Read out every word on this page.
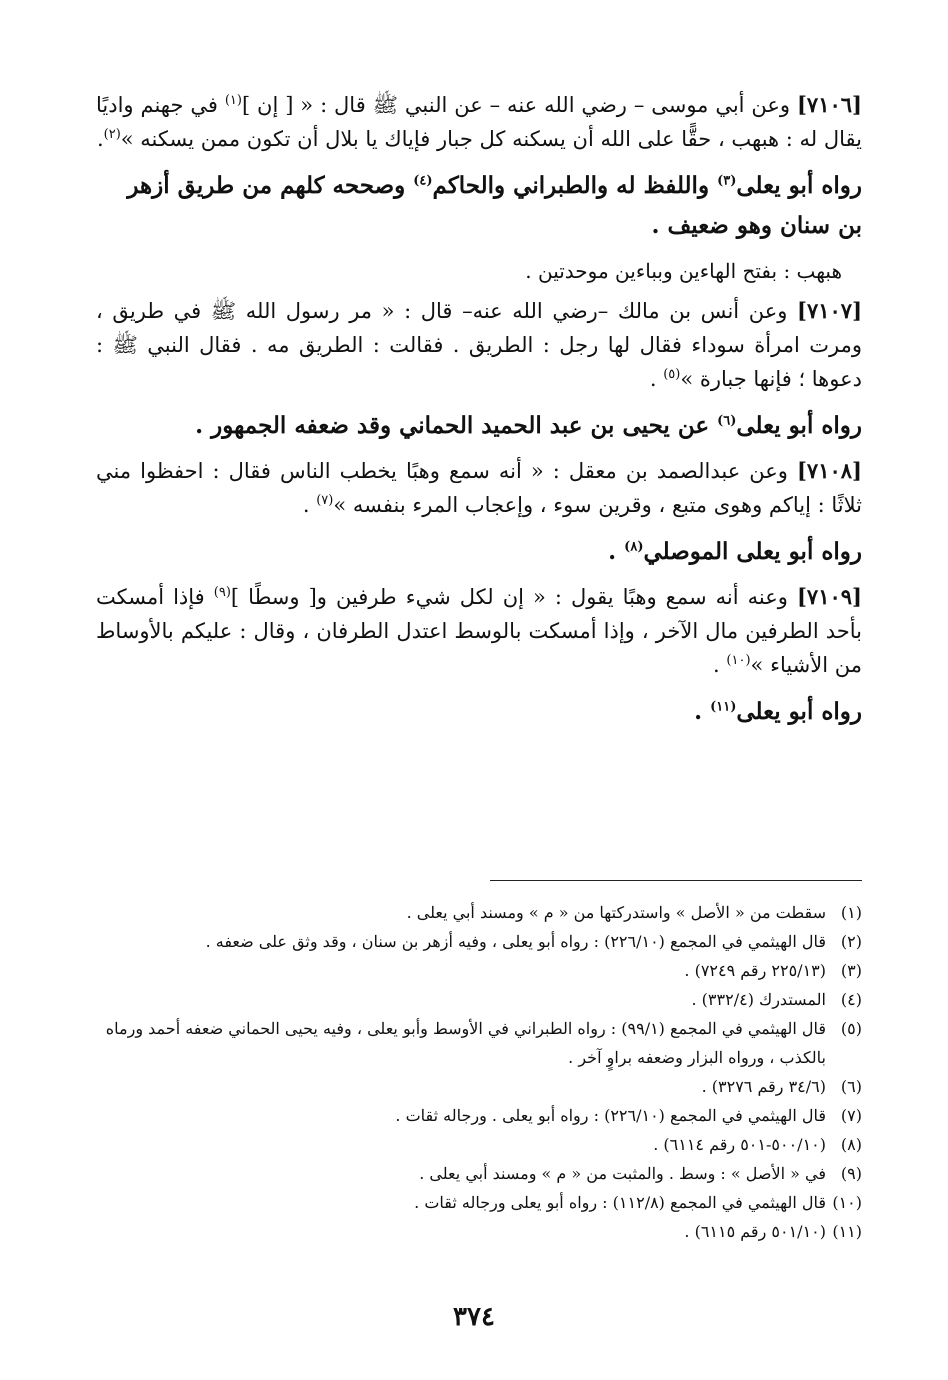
[٧١٠٦] وعن أبي موسى – رضي الله عنه – عن النبي ﷺ قال : « [ إن ]$^{(١)}$ في جهنم واديًا يقال له : هبهب ، حقًّا على الله أن يسكنه كل جبار فإياك يا بلال أن تكون ممن يسكنه »$^{(٢)}$.

رواه أبو يعلى$^{(٣)}$ واللفظ له والطبراني والحاكم$^{(٤)}$ وصححه كلهم من طريق أزهر بن سنان وهو ضعيف .

هبهب : بفتح الهاءين وبباءين موحدتين .

[٧١٠٧] وعن أنس بن مالك –رضي الله عنه– قال : « مر رسول الله ﷺ في طريق ، ومرت امرأة سوداء فقال لها رجل : الطريق . فقالت : الطريق مه . فقال النبي ﷺ : دعوها ؛ فإنها جبارة »$^{(٥)}$ .

رواه أبو يعلى$^{(٦)}$ عن يحيى بن عبد الحميد الحماني وقد ضعفه الجمهور .

[٧١٠٨] وعن عبدالصمد بن معقل : « أنه سمع وهبًا يخطب الناس فقال : احفظوا مني ثلاثًا : إياكم وهوى متبع ، وقرين سوء ، وإعجاب المرء بنفسه »$^{(٧)}$ .

رواه أبو يعلى الموصلي$^{(٨)}$ .

[٧١٠٩] وعنه أنه سمع وهبًا يقول : « إن لكل شيء طرفين و[ وسطًا ]$^{(٩)}$ فإذا أمسكت بأحد الطرفين مال الآخر ، وإذا أمسكت بالوسط اعتدل الطرفان ، وقال : عليكم بالأوساط من الأشياء »$^{(١٠)}$ .

رواه أبو يعلى$^{(١١)}$ .

(١)
سقطت من « الأصل » واستدركتها من « م » ومسند أبي يعلى .
(٢)
قال الهيثمي في المجمع (٢٢٦/١٠) : رواه أبو يعلى ، وفيه أزهر بن سنان ، وقد وثق على ضعفه .
(٣)
(٢٢٥/١٣ رقم ٧٢٤٩) .
(٤)
المستدرك (٣٣٢/٤) .
(٥)
قال الهيثمي في المجمع (٩٩/١) : رواه الطبراني في الأوسط وأبو يعلى ، وفيه يحيى الحماني ضعفه أحمد ورماه بالكذب ، ورواه البزار وضعفه براوٍ آخر .
(٦)
(٣٤/٦ رقم ٣٢٧٦) .
(٧)
قال الهيثمي في المجمع (٢٢٦/١٠) : رواه أبو يعلى . ورجاله ثقات .
(٨)
(٥٠٠/١٠-٥٠١ رقم ٦١١٤) .
(٩)
في « الأصل » : وسط . والمثبت من « م » ومسند أبي يعلى .
(١٠)
قال الهيثمي في المجمع (١١٢/٨) : رواه أبو يعلى ورجاله ثقات .
(١١)
(٥٠١/١٠ رقم ٦١١٥) .
٣٧٤
